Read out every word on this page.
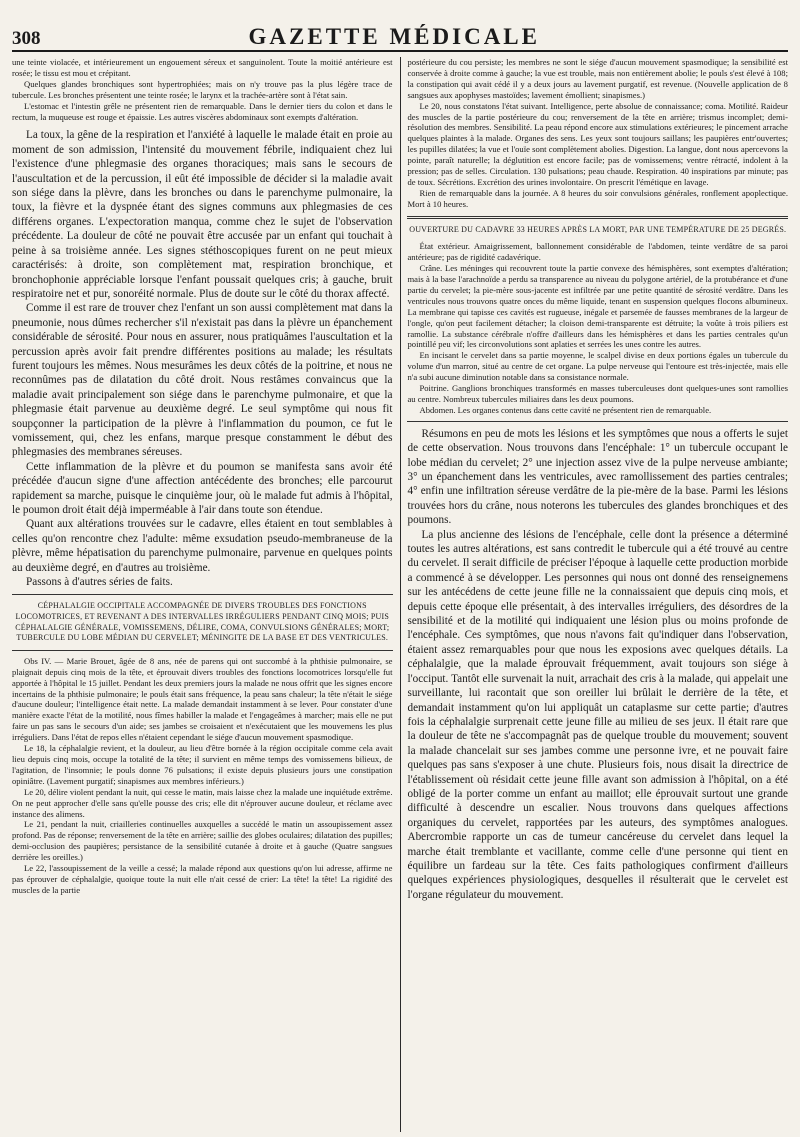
308	GAZETTE MÉDICALE

une teinte violacée, et intérieurement un engouement séreux et sanguinolent. Toute la moitié antérieure est rosée; le tissu est mou et crépitant.

Quelques glandes bronchiques sont hypertrophiées; mais on n'y trouve pas la plus légère trace de tubercule. Les bronches présentent une teinte rosée; le larynx et la trachée-artère sont à l'état sain.

L'estomac et l'intestin grêle ne présentent rien de remarquable. Dans le dernier tiers du colon et dans le rectum, la muqueuse est rouge et épaissie. Les autres viscères abdominaux sont exempts d'altération.

La toux, la gêne de la respiration et l'anxiété à laquelle le malade était en proie au moment de son admission, l'intensité du mouvement fébrile, indiquaient chez lui l'existence d'une phlegmasie des organes thoraciques; mais sans le secours de l'auscultation et de la percussion, il eût été impossible de décider si la maladie avait son siége dans la plèvre, dans les bronches ou dans le parenchyme pulmonaire, la toux, la fièvre et la dyspnée étant des signes communs aux phlegmasies de ces différens organes. L'expectoration manqua, comme chez le sujet de l'observation précédente. La douleur de côté ne pouvait être accusée par un enfant qui touchait à peine à sa troisième année. Les signes stéthoscopiques furent on ne peut mieux caractérisés: à droite, son complètement mat, respiration bronchique, et bronchophonie appréciable lorsque l'enfant poussait quelques cris; à gauche, bruit respiratoire net et pur, sonoréité normale. Plus de doute sur le côté du thorax affecté.

Comme il est rare de trouver chez l'enfant un son aussi complètement mat dans la pneumonie, nous dûmes rechercher s'il n'existait pas dans la plèvre un épanchement considérable de sérosité. Pour nous en assurer, nous pratiquâmes l'auscultation et la percussion après avoir fait prendre différentes positions au malade; les résultats furent toujours les mêmes. Nous mesurâmes les deux côtés de la poitrine, et nous ne reconnûmes pas de dilatation du côté droit. Nous restâmes convaincus que la maladie avait principalement son siége dans le parenchyme pulmonaire, et que la phlegmasie était parvenue au deuxième degré. Le seul symptôme qui nous fit soupçonner la participation de la plèvre à l'inflammation du poumon, ce fut le vomissement, qui, chez les enfans, marque presque constamment le début des phlegmasies des membranes séreuses.

Cette inflammation de la plèvre et du poumon se manifesta sans avoir été précédée d'aucun signe d'une affection antécédente des bronches; elle parcourut rapidement sa marche, puisque le cinquième jour, où le malade fut admis à l'hôpital, le poumon droit était déjà imperméable à l'air dans toute son étendue.

Quant aux altérations trouvées sur le cadavre, elles étaient en tout semblables à celles qu'on rencontre chez l'adulte: même exsudation pseudo-membraneuse de la plèvre, même hépatisation du parenchyme pulmonaire, parvenue en quelques points au deuxième degré, en d'autres au troisième.

Passons à d'autres séries de faits.

CÉPHALALGIE OCCIPITALE ACCOMPAGNÉE DE DIVERS TROUBLES DES FONCTIONS LOCOMOTRICES, ET REVENANT A DES INTERVALLES IRRÉGULIERS PENDANT CINQ MOIS; PUIS CÉPHALALGIE GÉNÉRALE, VOMISSEMENS, DÉLIRE, COMA, CONVULSIONS GÉNÉRALES; MORT; TUBERCULE DU LOBE MÉDIAN DU CERVELET; MÉNINGITE DE LA BASE ET DES VENTRICULES.

Obs IV. — Marie Brouet, âgée de 8 ans, née de parens qui ont succombé à la phthisie pulmonaire, se plaignait depuis cinq mois de la tête, et éprouvait divers troubles des fonctions locomotrices lorsqu'elle fut apportée à l'hôpital le 15 juillet. Pendant les deux premiers jours la malade ne nous offrit que les signes encore incertains de la phthisie pulmonaire; le pouls était sans fréquence, la peau sans chaleur; la tête n'était le siége d'aucune douleur; l'intelligence était nette. La malade demandait instamment à se lever. Pour constater d'une manière exacte l'état de la motilité, nous fîmes habiller la malade et l'engageâmes à marcher; mais elle ne put faire un pas sans le secours d'un aide; ses jambes se croisaient et n'exécutaient que les mouvemens les plus irréguliers. Dans l'état de repos elles n'étaient cependant le siége d'aucun mouvement spasmodique.

Le 18, la céphalalgie revient, et la douleur, au lieu d'être bornée à la région occipitale comme cela avait lieu depuis cinq mois, occupe la totalité de la tête; il survient en même temps des vomissemens bilieux, de l'agitation, de l'insomnie; le pouls donne 76 pulsations; il existe depuis plusieurs jours une constipation opiniâtre. (Lavement purgatif; sinapismes aux membres inférieurs.)

Le 20, délire violent pendant la nuit, qui cesse le matin, mais laisse chez la malade une inquiétude extrême. On ne peut approcher d'elle sans qu'elle pousse des cris; elle dit n'éprouver aucune douleur, et réclame avec instance des alimens.

Le 21, pendant la nuit, criailleries continuelles auxquelles a succédé le matin un assoupissement assez profond. Pas de réponse; renversement de la tête en arrière; saillie des globes oculaires; dilatation des pupilles; demi-occlusion des paupières; persistance de la sensibilité cutanée à droite et à gauche (Quatre sangsues derrière les oreilles.)

Le 22, l'assoupissement de la veille a cessé; la malade répond aux questions qu'on lui adresse, affirme ne pas éprouver de céphalalgie, quoique toute la nuit elle n'ait cessé de crier: La tête! la tête! La rigidité des muscles de la partie

postérieure du cou persiste; les membres ne sont le siége d'aucun mouvement spasmodique; la sensibilité est conservée à droite comme à gauche; la vue est trouble, mais non entièrement abolie; le pouls s'est élevé à 108; la constipation qui avait cédé il y a deux jours au lavement purgatif, est revenue. (Nouvelle application de 8 sangsues aux apophyses mastoïdes; lavement émollient; sinapismes.)

Le 20, nous constatons l'état suivant. Intelligence, perte absolue de connaissance; coma. Motilité. Raideur des muscles de la partie postérieure du cou; renversement de la tête en arrière; trismus incomplet; demi-résolution des membres. Sensibilité. La peau répond encore aux stimulations extérieures; le pincement arrache quelques plaintes à la malade. Organes des sens. Les yeux sont toujours saillans; les paupières entr'ouvertes; les pupilles dilatées; la vue et l'ouïe sont complètement abolies. Digestion. La langue, dont nous apercevons la pointe, paraît naturelle; la déglutition est encore facile; pas de vomissemens; ventre rétracté, indolent à la pression; pas de selles. Circulation. 130 pulsations; peau chaude. Respiration. 40 inspirations par minute; pas de toux. Sécrétions. Excrétion des urines involontaire. On prescrit l'émétique en lavage.

Rien de remarquable dans la journée. A 8 heures du soir convulsions générales, ronflement apoplectique. Mort à 10 heures.

OUVERTURE DU CADAVRE 33 HEURES APRÈS LA MORT, PAR UNE TEMPÉRATURE DE 25 DEGRÉS.

État extérieur. Amaigrissement, ballonnement considérable de l'abdomen, teinte verdâtre de sa paroi antérieure; pas de rigidité cadavérique.

Crâne. Les méninges qui recouvrent toute la partie convexe des hémisphères, sont exemptes d'altération; mais à la base l'arachnoïde a perdu sa transparence au niveau du polygone artériel, de la protubérance et d'une partie du cervelet; la pie-mère sous-jacente est infiltrée par une petite quantité de sérosité verdâtre. Dans les ventricules nous trouvons quatre onces du même liquide, tenant en suspension quelques flocons albumineux. La membrane qui tapisse ces cavités est rugueuse, inégale et parsemée de fausses membranes de la largeur de l'ongle, qu'on peut facilement détacher; la cloison demi-transparente est détruite; la voûte à trois piliers est ramollie. La substance cérébrale n'offre d'ailleurs dans les hémisphères et dans les parties centrales qu'un pointillé peu vif; les circonvolutions sont aplaties et serrées les unes contre les autres.

En incisant le cervelet dans sa partie moyenne, le scalpel divise en deux portions égales un tubercule du volume d'un marron, situé au centre de cet organe. La pulpe nerveuse qui l'entoure est très-injectée, mais elle n'a subi aucune diminution notable dans sa consistance normale.

Poitrine. Ganglions bronchiques transformés en masses tuberculeuses dont quelques-unes sont ramollies au centre. Nombreux tubercules miliaires dans les deux poumons.

Abdomen. Les organes contenus dans cette cavité ne présentent rien de remarquable.

Résumons en peu de mots les lésions et les symptômes que nous a offerts le sujet de cette observation. Nous trouvons dans l'encéphale: 1° un tubercule occupant le lobe médian du cervelet; 2° une injection assez vive de la pulpe nerveuse ambiante; 3° un épanchement dans les ventricules, avec ramollissement des parties centrales; 4° enfin une infiltration séreuse verdâtre de la pie-mère de la base. Parmi les lésions trouvées hors du crâne, nous noterons les tubercules des glandes bronchiques et des poumons.

La plus ancienne des lésions de l'encéphale, celle dont la présence a déterminé toutes les autres altérations, est sans contredit le tubercule qui a été trouvé au centre du cervelet. Il serait difficile de préciser l'époque à laquelle cette production morbide a commencé à se développer. Les personnes qui nous ont donné des renseignemens sur les antécédens de cette jeune fille ne la connaissaient que depuis cinq mois, et depuis cette époque elle présentait, à des intervalles irréguliers, des désordres de la sensibilité et de la motilité qui indiquaient une lésion plus ou moins profonde de l'encéphale. Ces symptômes, que nous n'avons fait qu'indiquer dans l'observation, étaient assez remarquables pour que nous les exposions avec quelques détails. La céphalalgie, que la malade éprouvait fréquemment, avait toujours son siége à l'occiput. Tantôt elle survenait la nuit, arrachait des cris à la malade, qui appelait une surveillante, lui racontait que son oreiller lui brûlait le derrière de la tête, et demandait instamment qu'on lui appliquât un cataplasme sur cette partie; d'autres fois la céphalalgie surprenait cette jeune fille au milieu de ses jeux. Il était rare que la douleur de tête ne s'accompagnât pas de quelque trouble du mouvement; souvent la malade chancelait sur ses jambes comme une personne ivre, et ne pouvait faire quelques pas sans s'exposer à une chute. Plusieurs fois, nous disait la directrice de l'établissement où résidait cette jeune fille avant son admission à l'hôpital, on a été obligé de la porter comme un enfant au maillot; elle éprouvait surtout une grande difficulté à descendre un escalier. Nous trouvons dans quelques affections organiques du cervelet, rapportées par les auteurs, des symptômes analogues. Abercrombie rapporte un cas de tumeur cancéreuse du cervelet dans lequel la marche était tremblante et vacillante, comme celle d'une personne qui tient en équilibre un fardeau sur la tête. Ces faits pathologiques confirment d'ailleurs quelques expériences physiologiques, desquelles il résulterait que le cervelet est l'organe régulateur du mouvement.
